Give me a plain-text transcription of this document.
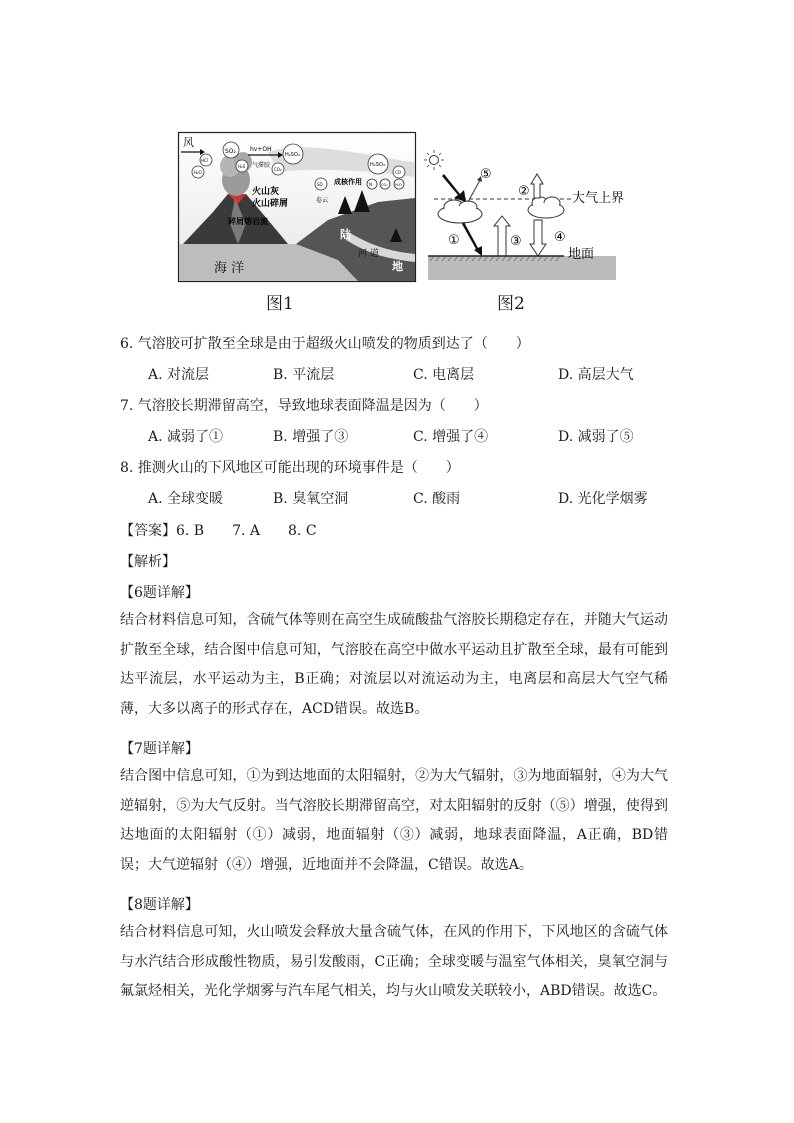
风
HCl
H₂O
SO₂
H₂S
CO₂
hv+OH
气滞胶
H₂SO₄
H₂SO₄
N	CO₂
CO
H₂O
SO 成核作用
卷云
火山灰
火山碎屑
碎屑熔岩流
海 洋
陆
河 道
地
图1
大气上界
地面
①
②
③ ④
⑤
图2
6. 气溶胶可扩散至全球是由于超级火山喷发的物质到达了（　　）
A. 对流层	B. 平流层	C. 电离层	D. 高层大气
7. 气溶胶长期滞留高空，导致地球表面降温是因为（　　）
A. 减弱了①	B. 增强了③	C. 增强了④	D. 减弱了⑤
8. 推测火山的下风地区可能出现的环境事件是（　　）
A. 全球变暖	B. 臭氧空洞	C. 酸雨	D. 光化学烟雾
【答案】6. B　　7. A　　8. C
【解析】
【6题详解】
结合材料信息可知，含硫气体等则在高空生成硫酸盐气溶胶长期稳定存在，并随大气运动扩散至全球，结合图中信息可知，气溶胶在高空中做水平运动且扩散至全球，最有可能到达平流层，水平运动为主，B正确；对流层以对流运动为主，电离层和高层大气空气稀薄，大多以离子的形式存在，ACD错误。故选B。
【7题详解】
结合图中信息可知，①为到达地面的太阳辐射，②为大气辐射，③为地面辐射，④为大气逆辐射，⑤为大气反射。当气溶胶长期滞留高空，对太阳辐射的反射（⑤）增强，使得到达地面的太阳辐射（①）减弱，地面辐射（③）减弱，地球表面降温，A正确，BD错误；大气逆辐射（④）增强，近地面并不会降温，C错误。故选A。
【8题详解】
结合材料信息可知，火山喷发会释放大量含硫气体，在风的作用下，下风地区的含硫气体与水汽结合形成酸性物质，易引发酸雨，C正确；全球变暖与温室气体相关，臭氧空洞与氟氯烃相关，光化学烟雾与汽车尾气相关，均与火山喷发关联较小，ABD错误。故选C。
